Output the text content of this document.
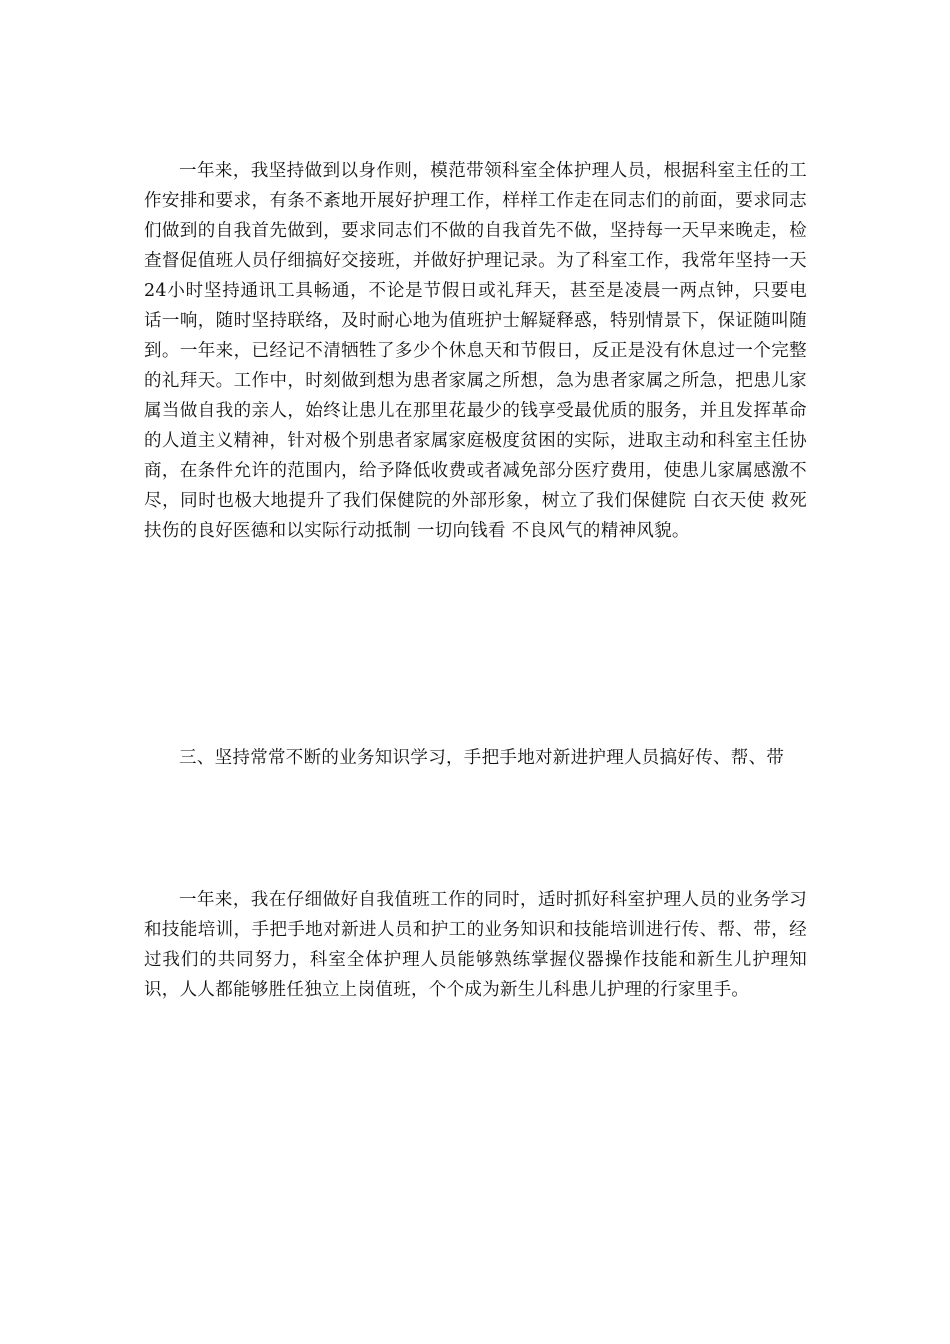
一年来，我坚持做到以身作则，模范带领科室全体护理人员，根据科室主任的工作安排和要求，有条不紊地开展好护理工作，样样工作走在同志们的前面，要求同志们做到的自我首先做到，要求同志们不做的自我首先不做，坚持每一天早来晚走，检查督促值班人员仔细搞好交接班，并做好护理记录。为了科室工作，我常年坚持一天24小时坚持通讯工具畅通，不论是节假日或礼拜天，甚至是凌晨一两点钟，只要电话一响，随时坚持联络，及时耐心地为值班护士解疑释惑，特别情景下，保证随叫随到。一年来，已经记不清牺牲了多少个休息天和节假日，反正是没有休息过一个完整的礼拜天。工作中，时刻做到想为患者家属之所想，急为患者家属之所急，把患儿家属当做自我的亲人，始终让患儿在那里花最少的钱享受最优质的服务，并且发挥革命的人道主义精神，针对极个别患者家属家庭极度贫困的实际，进取主动和科室主任协商，在条件允许的范围内，给予降低收费或者减免部分医疗费用，使患儿家属感激不尽，同时也极大地提升了我们保健院的外部形象，树立了我们保健院 白衣天使 救死扶伤的良好医德和以实际行动抵制 一切向钱看 不良风气的精神风貌。

三、坚持常常不断的业务知识学习，手把手地对新进护理人员搞好传、帮、带

一年来，我在仔细做好自我值班工作的同时，适时抓好科室护理人员的业务学习和技能培训，手把手地对新进人员和护工的业务知识和技能培训进行传、帮、带，经过我们的共同努力，科室全体护理人员能够熟练掌握仪器操作技能和新生儿护理知识，人人都能够胜任独立上岗值班，个个成为新生儿科患儿护理的行家里手。
